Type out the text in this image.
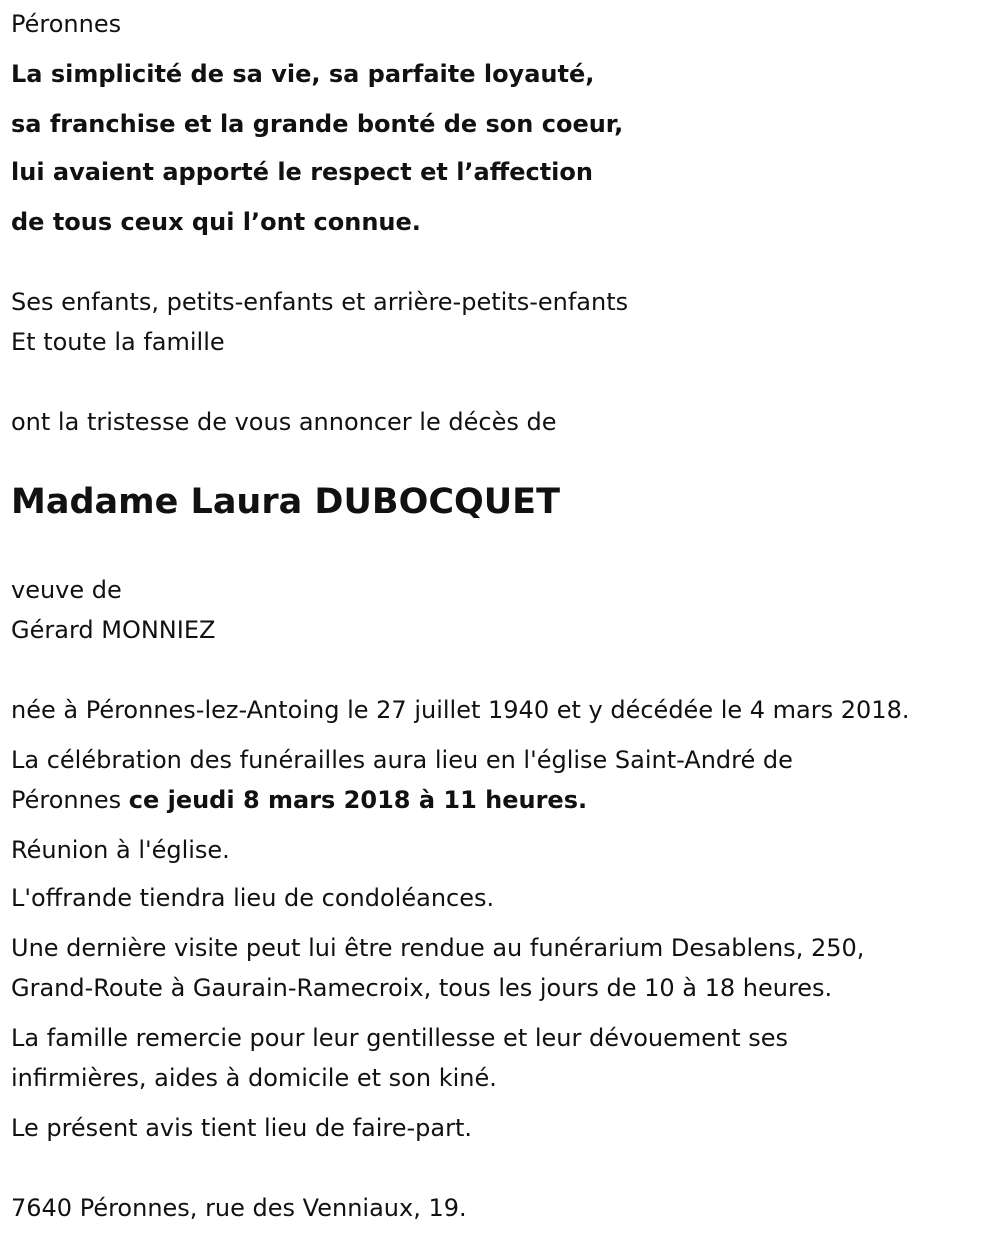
Péronnes
La simplicité de sa vie, sa parfaite loyauté,
sa franchise et la grande bonté de son coeur,
lui avaient apporté le respect et l’affection
de tous ceux qui l’ont connue.
Ses enfants, petits-enfants et arrière-petits-enfants
Et toute la famille
ont la tristesse de vous annoncer le décès de
Madame Laura DUBOCQUET
veuve de
Gérard MONNIEZ
née à Péronnes-lez-Antoing le 27 juillet 1940 et y décédée le 4 mars 2018.
La célébration des funérailles aura lieu en l'église Saint-André de
Péronnes ce jeudi 8 mars 2018 à 11 heures.
Réunion à l'église.
L'offrande tiendra lieu de condoléances.
Une dernière visite peut lui être rendue au funérarium Desablens, 250,
Grand-Route à Gaurain-Ramecroix, tous les jours de 10 à 18 heures.
La famille remercie pour leur gentillesse et leur dévouement ses
infirmières, aides à domicile et son kiné.
Le présent avis tient lieu de faire-part.
7640 Péronnes, rue des Venniaux, 19.
